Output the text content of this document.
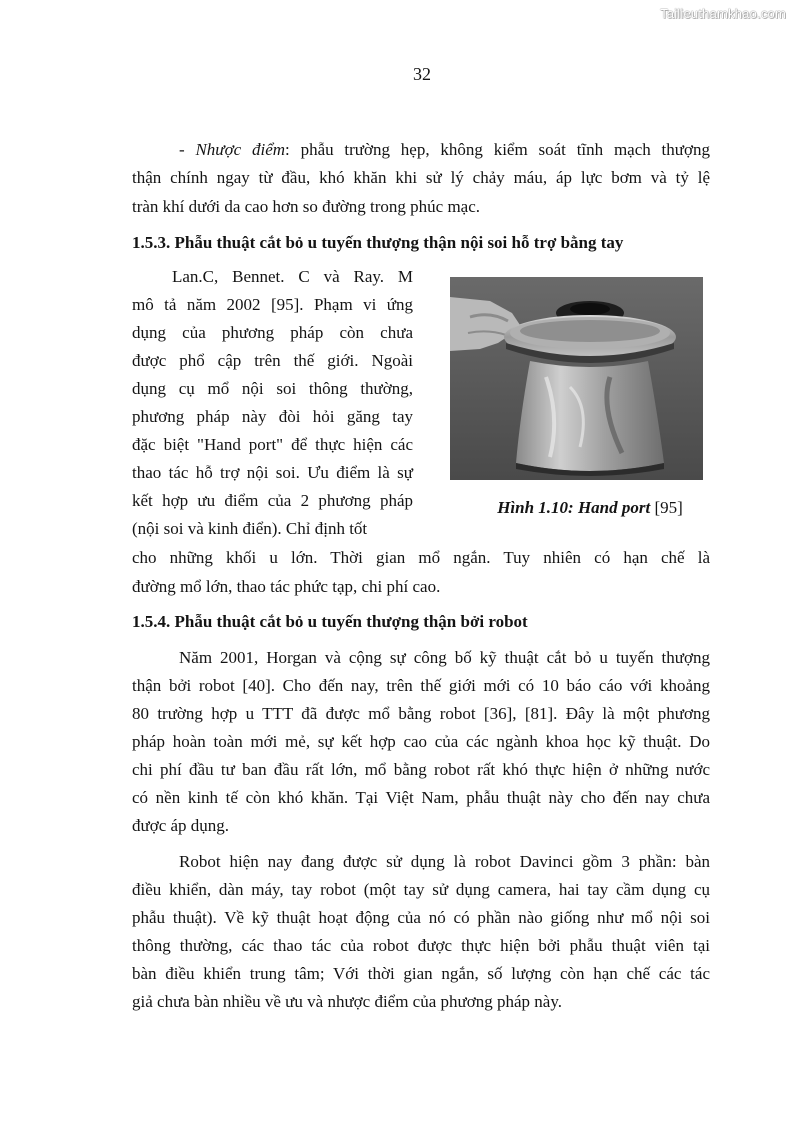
Tailieuthamkhao.com
32
- Nhược điểm: phẫu trường hẹp, không kiểm soát tĩnh mạch thượng
thận chính ngay từ đầu, khó khăn khi sử lý chảy máu, áp lực bơm và tỷ lệ
tràn khí dưới da cao hơn so đường trong phúc mạc.
1.5.3. Phẫu thuật cắt bỏ u tuyến thượng thận nội soi hỗ trợ bằng tay
Lan.C, Bennet. C và Ray. M
mô tả năm 2002 [95]. Phạm vi ứng
dụng của phương pháp còn chưa
được phổ cập trên thế giới. Ngoài
dụng cụ mổ nội soi thông thường,
phương pháp này đòi hỏi găng tay
đặc biệt "Hand port" để thực hiện các
thao tác hỗ trợ nội soi. Ưu điểm là sự
kết hợp ưu điểm của 2 phương pháp
(nội soi và kinh điển). Chỉ định tốt
cho những khối u lớn. Thời gian mổ ngắn. Tuy nhiên có hạn chế là
đường mổ lớn, thao tác phức tạp, chi phí cao.
Hình 1.10: Hand port [95]
1.5.4. Phẫu thuật cắt bỏ u tuyến thượng thận bởi robot
Năm 2001, Horgan và cộng sự công bố kỹ thuật cắt bỏ u tuyến thượng
thận bởi robot [40]. Cho đến nay, trên thế giới mới có 10 báo cáo với khoảng
80 trường hợp u TTT đã được mổ bằng robot [36], [81]. Đây là một phương
pháp hoàn toàn mới mẻ, sự kết hợp cao của các ngành khoa học kỹ thuật. Do
chi phí đầu tư ban đầu rất lớn, mổ bằng robot rất khó thực hiện ở những nước
có nền kinh tế còn khó khăn. Tại Việt Nam, phẫu thuật này cho đến nay chưa
được áp dụng.
Robot hiện nay đang được sử dụng là robot Davinci gồm 3 phần: bàn
điều khiển, dàn máy, tay robot (một tay sử dụng camera, hai tay cầm dụng cụ
phẫu thuật). Về kỹ thuật hoạt động của nó có phần nào giống như mổ nội soi
thông thường, các thao tác của robot được thực hiện bởi phẫu thuật viên tại
bàn điều khiển trung tâm; Với thời gian ngắn, số lượng còn hạn chế các tác
giả chưa bàn nhiều về ưu và nhược điểm của phương pháp này.
